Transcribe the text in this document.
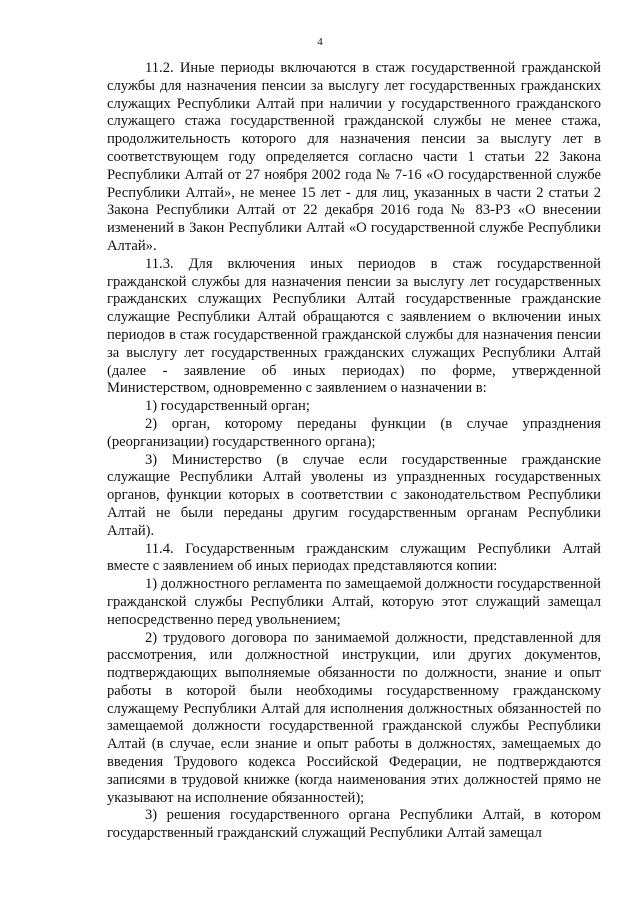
4

11.2. Иные периоды включаются в стаж государственной гражданской службы для назначения пенсии за выслугу лет государственных гражданских служащих Республики Алтай при наличии у государственного гражданского служащего стажа государственной гражданской службы не менее стажа, продолжительность которого для назначения пенсии за выслугу лет в соответствующем году определяется согласно части 1 статьи 22 Закона Республики Алтай от 27 ноября 2002 года № 7-16 «О государственной службе Республики Алтай», не менее 15 лет - для лиц, указанных в части 2 статьи 2 Закона Республики Алтай от 22 декабря 2016 года № 83-РЗ «О внесении изменений в Закон Республики Алтай «О государственной службе Республики Алтай».

11.3. Для включения иных периодов в стаж государственной гражданской службы для назначения пенсии за выслугу лет государственных гражданских служащих Республики Алтай государственные гражданские служащие Республики Алтай обращаются с заявлением о включении иных периодов в стаж государственной гражданской службы для назначения пенсии за выслугу лет государственных гражданских служащих Республики Алтай (далее - заявление об иных периодах) по форме, утвержденной Министерством, одновременно с заявлением о назначении в:

1) государственный орган;

2) орган, которому переданы функции (в случае упразднения (реорганизации) государственного органа);

3) Министерство (в случае если государственные гражданские служащие Республики Алтай уволены из упраздненных государственных органов, функции которых в соответствии с законодательством Республики Алтай не были переданы другим государственным органам Республики Алтай).

11.4. Государственным гражданским служащим Республики Алтай вместе с заявлением об иных периодах представляются копии:

1) должностного регламента по замещаемой должности государственной гражданской службы Республики Алтай, которую этот служащий замещал непосредственно перед увольнением;

2) трудового договора по занимаемой должности, представленной для рассмотрения, или должностной инструкции, или других документов, подтверждающих выполняемые обязанности по должности, знание и опыт работы в которой были необходимы государственному гражданскому служащему Республики Алтай для исполнения должностных обязанностей по замещаемой должности государственной гражданской службы Республики Алтай (в случае, если знание и опыт работы в должностях, замещаемых до введения Трудового кодекса Российской Федерации, не подтверждаются записями в трудовой книжке (когда наименования этих должностей прямо не указывают на исполнение обязанностей);

3) решения государственного органа Республики Алтай, в котором государственный гражданский служащий Республики Алтай замещал
